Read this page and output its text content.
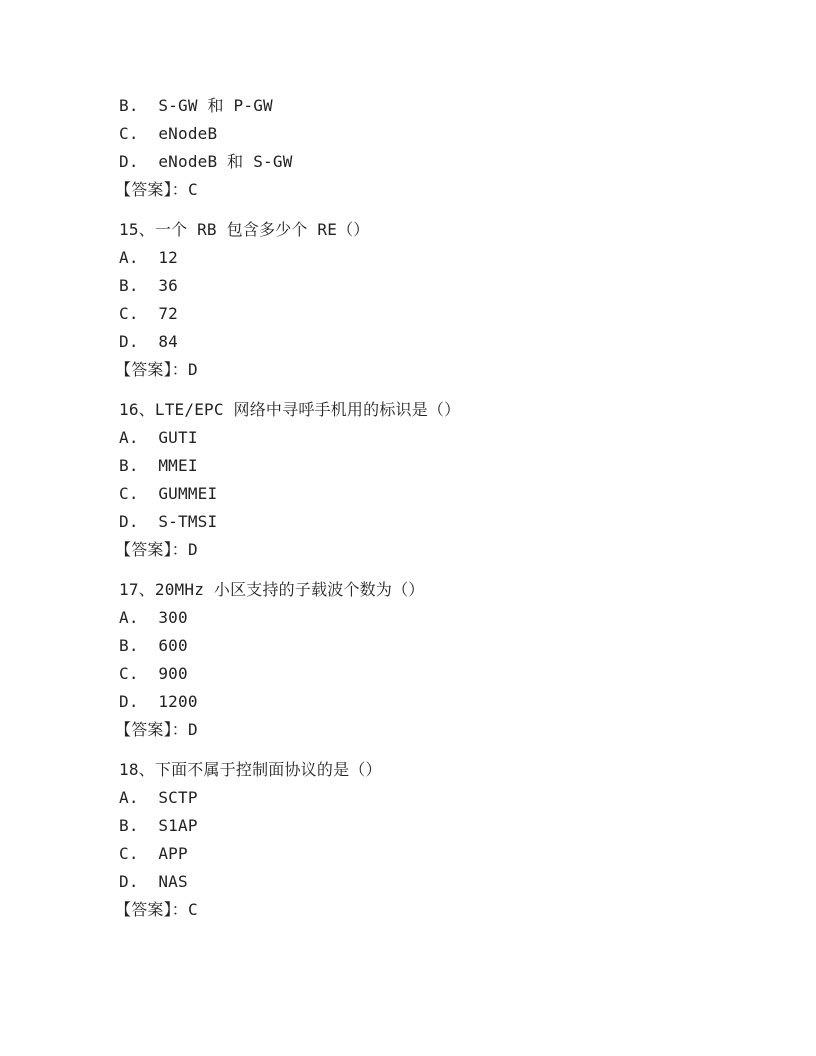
B.  S-GW 和 P-GW
C.  eNodeB
D.  eNodeB 和 S-GW
【答案】：C
15、一个 RB 包含多少个 RE（）
A.  12
B.  36
C.  72
D.  84
【答案】：D
16、LTE/EPC 网络中寻呼手机用的标识是（）
A.  GUTI
B.  MMEI
C.  GUMMEI
D.  S-TMSI
【答案】：D
17、20MHz 小区支持的子载波个数为（）
A.  300
B.  600
C.  900
D.  1200
【答案】：D
18、下面不属于控制面协议的是（）
A.  SCTP
B.  S1AP
C.  APP
D.  NAS
【答案】：C
